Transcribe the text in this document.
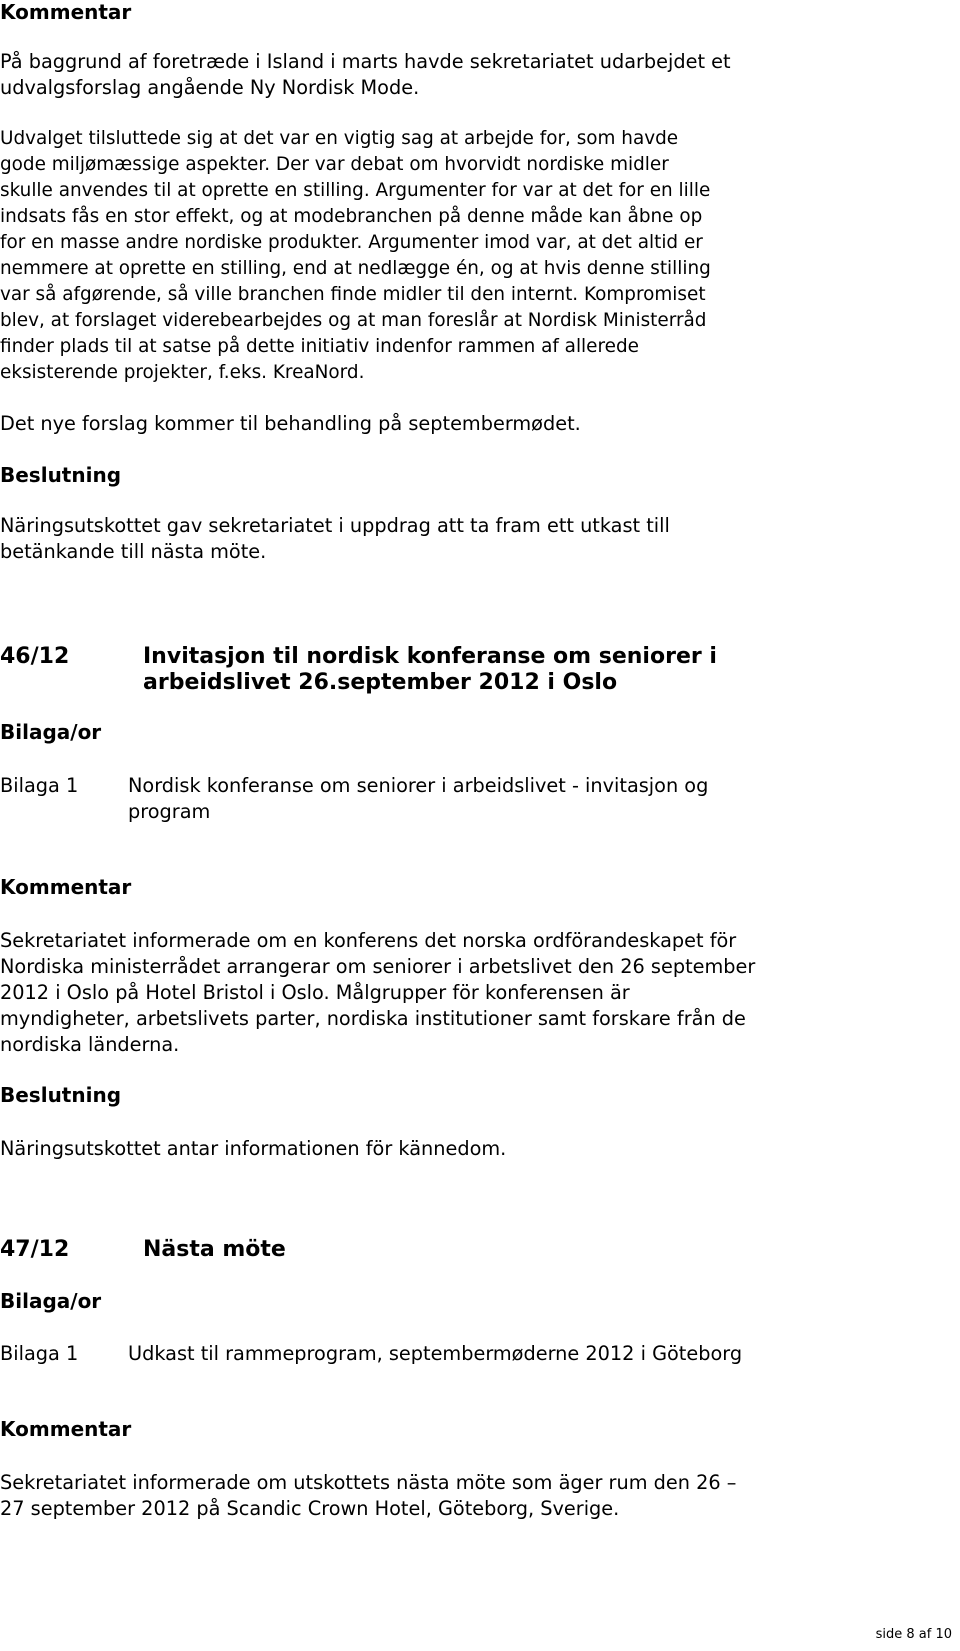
Kommentar
På baggrund af foretræde i Island i marts havde sekretariatet udarbejdet et
udvalgsforslag angående Ny Nordisk Mode.
Udvalget tilsluttede sig at det var en vigtig sag at arbejde for, som havde
gode miljømæssige aspekter. Der var debat om hvorvidt nordiske midler
skulle anvendes til at oprette en stilling. Argumenter for var at det for en lille
indsats fås en stor effekt, og at modebranchen på denne måde kan åbne op
for en masse andre nordiske produkter. Argumenter imod var, at det altid er
nemmere at oprette en stilling, end at nedlægge én, og at hvis denne stilling
var så afgørende, så ville branchen finde midler til den internt. Kompromiset
blev, at forslaget viderebearbejdes og at man foreslår at Nordisk Ministerråd
finder plads til at satse på dette initiativ indenfor rammen af allerede
eksisterende projekter, f.eks. KreaNord.
Det nye forslag kommer til behandling på septembermødet.
Beslutning
Näringsutskottet gav sekretariatet i uppdrag att ta fram ett utkast till
betänkande till nästa möte.
46/12	Invitasjon til nordisk konferanse om seniorer i
arbeidslivet 26.september 2012 i Oslo
Bilaga/or
Bilaga 1	Nordisk konferanse om seniorer i arbeidslivet - invitasjon og
program
Kommentar
Sekretariatet informerade om en konferens det norska ordförandeskapet för
Nordiska ministerrådet arrangerar om seniorer i arbetslivet den 26 september
2012 i Oslo på Hotel Bristol i Oslo. Målgrupper för konferensen är
myndigheter, arbetslivets parter, nordiska institutioner samt forskare från de
nordiska länderna.
Beslutning
Näringsutskottet antar informationen för kännedom.
47/12	Nästa möte
Bilaga/or
Bilaga 1	Udkast til rammeprogram, septembermøderne 2012 i Göteborg
Kommentar
Sekretariatet informerade om utskottets nästa möte som äger rum den 26 –
27 september 2012 på Scandic Crown Hotel, Göteborg, Sverige.
side 8 af 10
